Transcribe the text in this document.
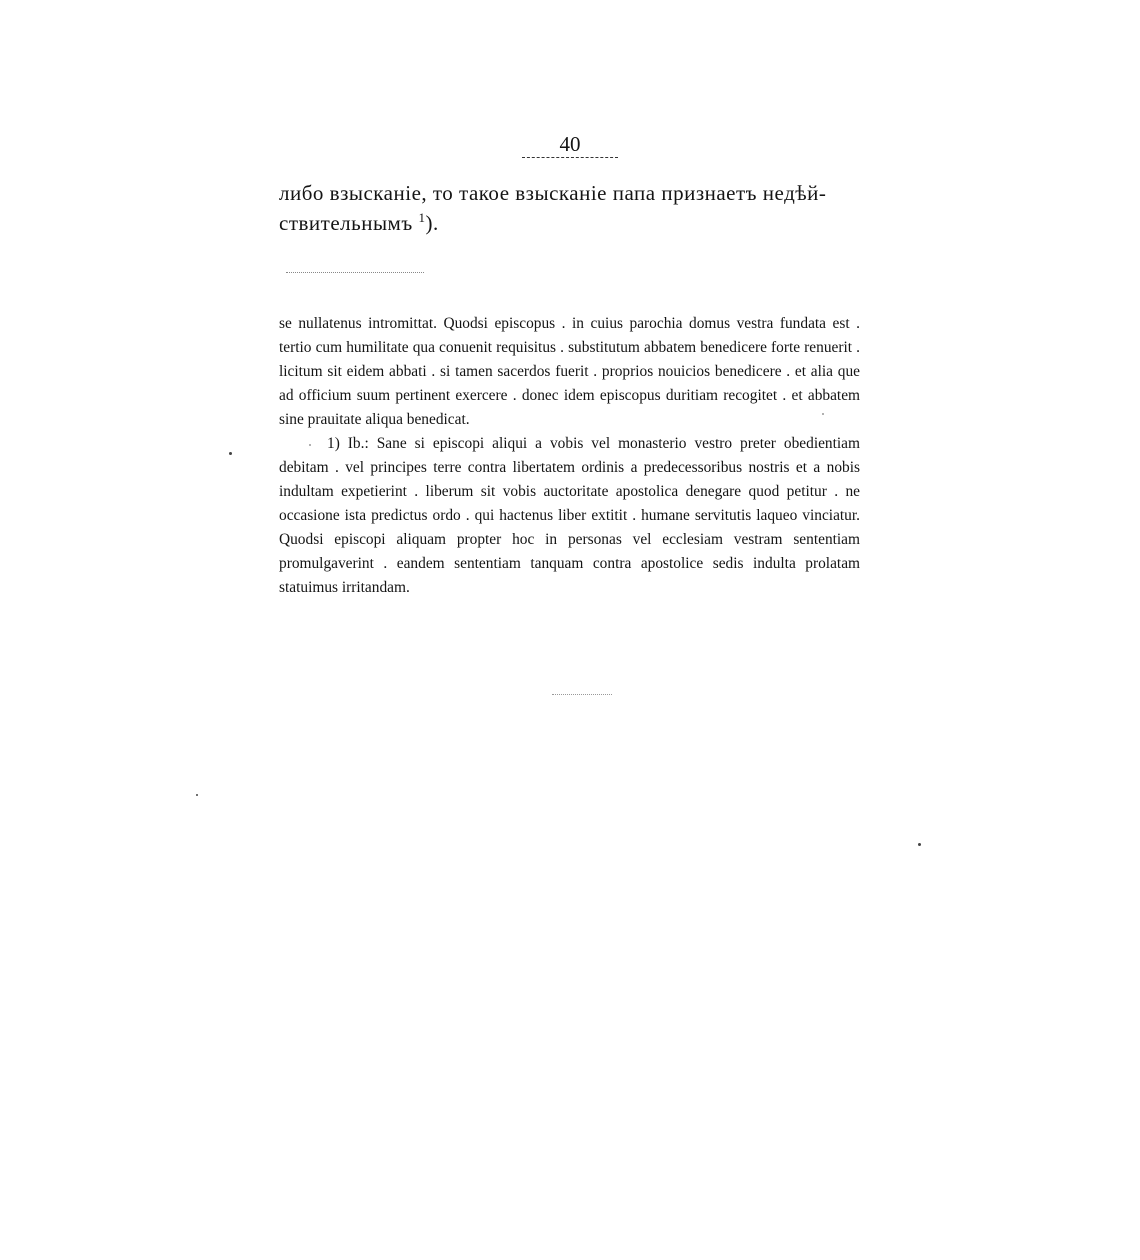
40

либо взысканіе, то такое взысканіе папа признаетъ недѣй-
ствительнымъ $^1$).

se nullatenus intromittat. Quodsi episcopus . in cuius parochia domus vestra fundata est . tertio cum humilitate qua conuenit requisitus . substitutum abbatem benedicere forte renuerit . licitum sit eidem abbati . si tamen sacerdos fuerit . proprios nouicios benedicere . et alia que ad officium suum pertinent exercere . donec idem episcopus duritiam recogitet . et abbatem sine prauitate aliqua benedicat.

1) Ib.: Sane si episcopi aliqui a vobis vel monasterio vestro preter obedientiam debitam . vel principes terre contra libertatem ordinis a predecessoribus nostris et a nobis indultam expetierint . liberum sit vobis auctoritate apostolica denegare quod petitur . ne occasione ista predictus ordo . qui hactenus liber extitit . humane servitutis laqueo vinciatur. Quodsi episcopi aliquam propter hoc in personas vel ecclesiam vestram sententiam promulgaverint . eandem sententiam tanquam contra apostolice sedis indulta prolatam statuimus irritandam.
